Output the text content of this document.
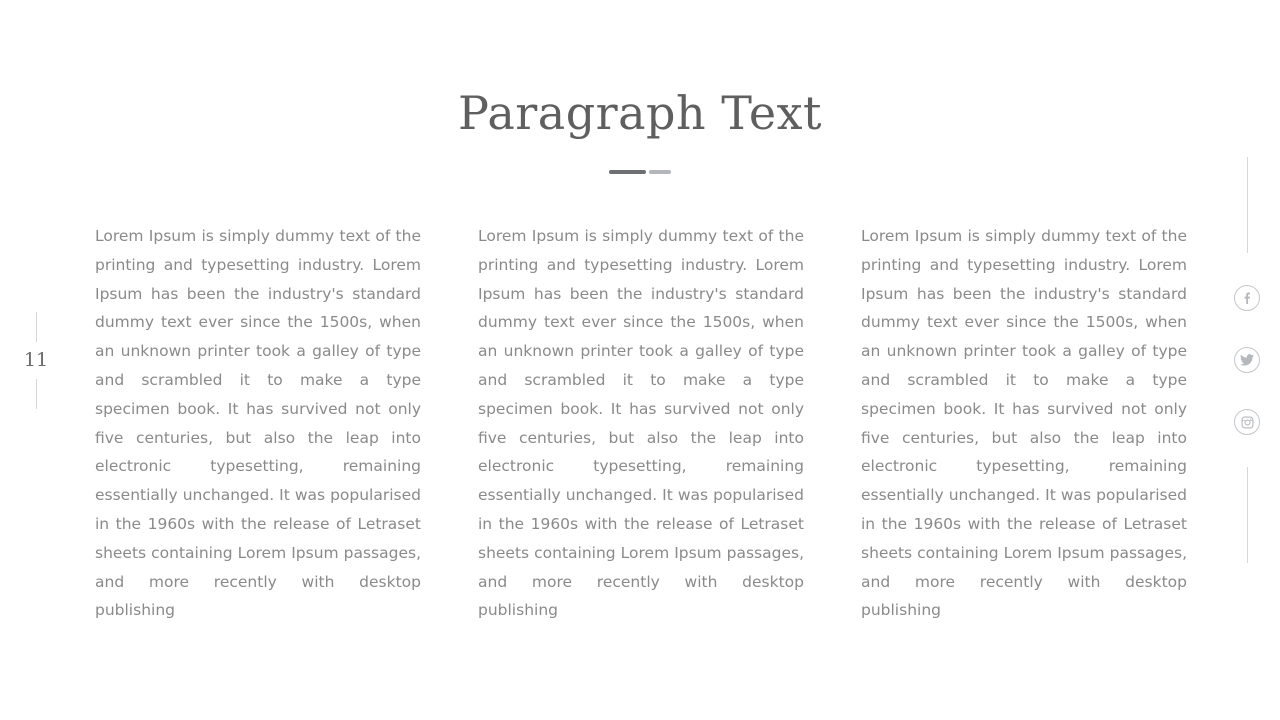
Paragraph Text

Lorem Ipsum is simply dummy text of the printing and typesetting industry. Lorem Ipsum has been the industry's standard dummy text ever since the 1500s, when an unknown printer took a galley of type and scrambled it to make a type specimen book. It has survived not only five centuries, but also the leap into electronic typesetting, remaining essentially unchanged. It was popularised in the 1960s with the release of Letraset sheets containing Lorem Ipsum passages, and more recently with desktop publishing

Lorem Ipsum is simply dummy text of the printing and typesetting industry. Lorem Ipsum has been the industry's standard dummy text ever since the 1500s, when an unknown printer took a galley of type and scrambled it to make a type specimen book. It has survived not only five centuries, but also the leap into electronic typesetting, remaining essentially unchanged. It was popularised in the 1960s with the release of Letraset sheets containing Lorem Ipsum passages, and more recently with desktop publishing

Lorem Ipsum is simply dummy text of the printing and typesetting industry. Lorem Ipsum has been the industry's standard dummy text ever since the 1500s, when an unknown printer took a galley of type and scrambled it to make a type specimen book. It has survived not only five centuries, but also the leap into electronic typesetting, remaining essentially unchanged. It was popularised in the 1960s with the release of Letraset sheets containing Lorem Ipsum passages, and more recently with desktop publishing

11
